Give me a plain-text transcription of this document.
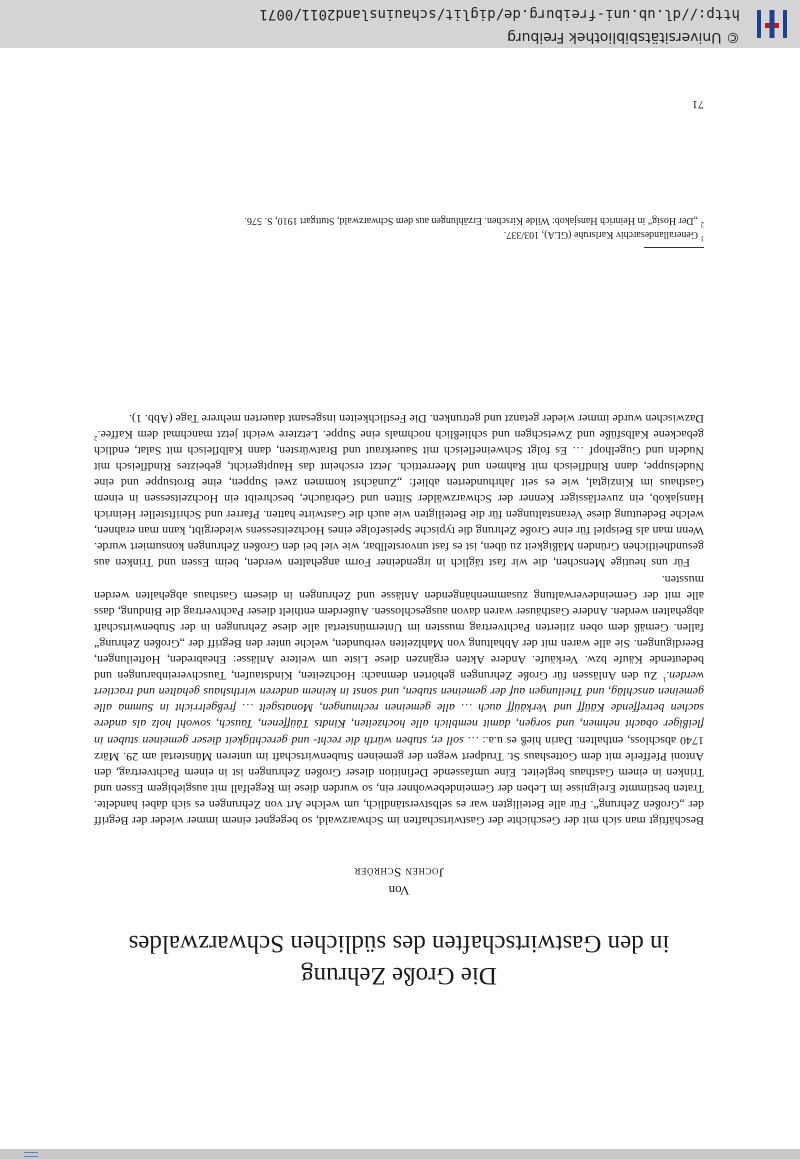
Die Große Zehrung
in den Gastwirtschaften des südlichen Schwarzwaldes
Von
Jochen Schröer

Beschäftigt man sich mit der Geschichte der Gastwirtschaften im Schwarzwald, so begegnet einem immer wieder der Begriff der „Großen Zehrung“. Für alle Beteiligten war es selbstverständlich, um welche Art von Zehrungen es sich dabei handelte. Traten bestimmte Ereignisse im Leben der Gemeindebewohner ein, so wurden diese im Regelfall mit ausgiebigem Essen und Trinken in einem Gasthaus begleitet. Eine umfassende Definition dieser Großen Zehrungen ist in einem Pachtvertrag, den Antoni Pfefferle mit dem Gotteshaus St. Trudpert wegen der gemeinen Stubenwirtschaft im unteren Münstertal am 29. März 1740 abschloss, enthalten. Darin hieß es u.a.: … soll er, stuben würth die recht- und gerechtigkeit dieser gemeinen stuben in fleißiger obacht nehmen, und sorgen, damit nemblich alle hochzeiten, Kindts Täüffenen, Tausch, sowohl holz als andere sachen betreffende Käüff und Verkäüff auch … alle gemeinen rechnungen, Monatsgelt … freßgelrricht in Summa alle gemeinen anschläg, und Theilungen auf der gemeinen stuben, und sonst in keinem anderen wirthshaus gehalten und tractiert werden.$^1$ Zu den Anlässen für Große Zehrungen gehörten demnach: Hochzeiten, Kindstaufen, Tauschvereinbarungen und bedeutende Käufe bzw. Verkäufe. Andere Akten ergänzen diese Liste um weitere Anlässe: Eheabreden, Hofteilungen, Beerdigungen. Sie alle waren mit der Abhaltung von Mahlzeiten verbunden, welche unter den Begriff der „Großen Zehrung“ fallen. Gemäß dem oben zitierten Pachtvertrag mussten im Untermünstertal alle diese Zehrungen in der Stubenwirtschaft abgehalten werden. Andere Gasthäuser waren davon ausgeschlossen. Außerdem enthielt dieser Pachtvertrag die Bindung, dass alle mit der Gemeindeverwaltung zusammenhängenden Anlässe und Zehrungen in diesem Gasthaus abgehalten werden mussten.

Für uns heutige Menschen, die wir fast täglich in irgendeiner Form angehalten werden, beim Essen und Trinken aus gesundheitlichen Gründen Mäßigkeit zu üben, ist es fast unvorstellbar, wie viel bei den Großen Zehrungen konsumiert wurde. Wenn man als Beispiel für eine Große Zehrung die typische Speisefolge eines Hochzeitsessens wiedergibt, kann man erahnen, welche Bedeutung diese Veranstaltungen für die Beteiligten wie auch die Gastwirte hatten. Pfarrer und Schriftsteller Heinrich Hansjakob, ein zuverlässiger Kenner der Schwarzwälder Sitten und Gebräuche, beschreibt ein Hochzeitsessen in einem Gasthaus im Kinzigtal, wie es seit Jahrhunderten ablief: „Zunächst kommen zwei Suppen, eine Brotsuppe und eine Nudelsuppe, dann Rindfleisch mit Rahmen und Meerrettich. Jetzt erscheint das Hauptgericht, gebeiztes Rindfleisch mit Nudeln und Gugelhopf … Es folgt Schweinefleisch mit Sauerkraut und Bratwürsten, dann Kalbfleisch mit Salat, endlich gebackene Kalbsfüße und Zwetschgen und schließlich nochmals eine Suppe. Letztere weicht jetzt manchmal dem Kaffee.$^2$ Dazwischen wurde immer wieder getanzt und getrunken. Die Festlichkeiten insgesamt dauerten mehrere Tage (Abb. 1).

$^1$ Generallandesarchiv Karlsruhe (GLA), 103/337.

$^2$ „Der Hosig“ in Heinrich Hansjakob: Wilde Kirschen. Erzählungen aus dem Schwarzwald, Stuttgart 1910, S. 576.

71
© Universitätsbibliothek Freiburg
http://dl.ub.uni-freiburg.de/diglit/schauinsland2011/0071
